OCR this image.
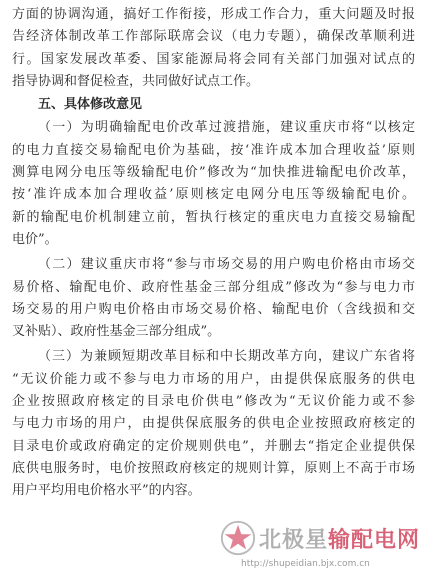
方面的协调沟通，搞好工作衔接，形成工作合力，重大问题及时报
告经济体制改革工作部际联席会议（电力专题），确保改革顺利进
行。国家发展改革委、国家能源局将会同有关部门加强对试点的
指导协调和督促检查，共同做好试点工作。
五、具体修改意见
（一）为明确输配电价改革过渡措施，建议重庆市将“以核定
的电力直接交易输配电价为基础，按‘准许成本加合理收益’原则
测算电网分电压等级输配电价”修改为“加快推进输配电价改革，
按‘准许成本加合理收益’原则核定电网分电压等级输配电价。
新的输配电价机制建立前，暂执行核定的重庆电力直接交易输配
电价”。
（二）建议重庆市将“参与市场交易的用户购电价格由市场交
易价格、输配电价、政府性基金三部分组成”修改为“参与电力市
场交易的用户购电价格由市场交易价格、输配电价（含线损和交
叉补贴）、政府性基金三部分组成”。
（三）为兼顾短期改革目标和中长期改革方向，建议广东省将
“无议价能力或不参与电力市场的用户，由提供保底服务的供电
企业按照政府核定的目录电价供电”修改为“无议价能力或不参
与电力市场的用户，由提供保底服务的供电企业按照政府核定的
目录电价或政府确定的定价规则供电”，并删去“指定企业提供保
底供电服务时，电价按照政府核定的规则计算，原则上不高于市场
用户平均用电价格水平”的内容。
北极星输配电网
http://shupeidian.bjx.com.cn
